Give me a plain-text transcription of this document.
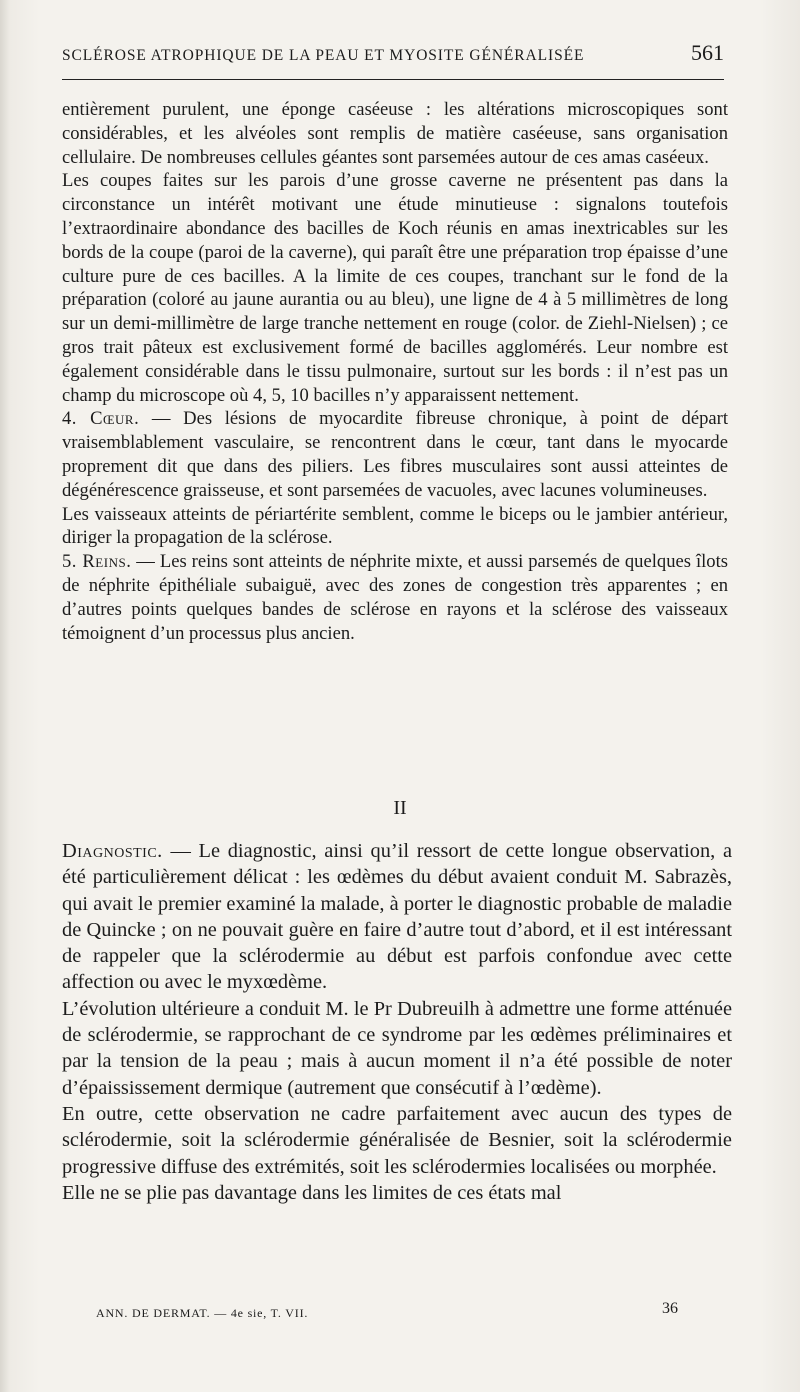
SCLÉROSE ATROPHIQUE DE LA PEAU ET MYOSITE GÉNÉRALISÉE	561

entièrement purulent, une éponge caséeuse : les altérations microscopiques sont considérables, et les alvéoles sont remplis de matière caséeuse, sans organisation cellulaire. De nombreuses cellules géantes sont parsemées autour de ces amas caséeux.

Les coupes faites sur les parois d’une grosse caverne ne présentent pas dans la circonstance un intérêt motivant une étude minutieuse : signalons toutefois l’extraordinaire abondance des bacilles de Koch réunis en amas inextricables sur les bords de la coupe (paroi de la caverne), qui paraît être une préparation trop épaisse d’une culture pure de ces bacilles. A la limite de ces coupes, tranchant sur le fond de la préparation (coloré au jaune aurantia ou au bleu), une ligne de 4 à 5 millimètres de long sur un demi-millimètre de large tranche nettement en rouge (color. de Ziehl-Nielsen) ; ce gros trait pâteux est exclusivement formé de bacilles agglomérés. Leur nombre est également considérable dans le tissu pulmonaire, surtout sur les bords : il n’est pas un champ du microscope où 4, 5, 10 bacilles n’y apparaissent nettement.

4. Cœur. — Des lésions de myocardite fibreuse chronique, à point de départ vraisemblablement vasculaire, se rencontrent dans le cœur, tant dans le myocarde proprement dit que dans des piliers. Les fibres musculaires sont aussi atteintes de dégénérescence graisseuse, et sont parsemées de vacuoles, avec lacunes volumineuses.

Les vaisseaux atteints de périartérite semblent, comme le biceps ou le jambier antérieur, diriger la propagation de la sclérose.

5. Reins. — Les reins sont atteints de néphrite mixte, et aussi parsemés de quelques îlots de néphrite épithéliale subaiguë, avec des zones de congestion très apparentes ; en d’autres points quelques bandes de sclérose en rayons et la sclérose des vaisseaux témoignent d’un processus plus ancien.

II

Diagnostic. — Le diagnostic, ainsi qu’il ressort de cette longue observation, a été particulièrement délicat : les œdèmes du début avaient conduit M. Sabrazès, qui avait le premier examiné la malade, à porter le diagnostic probable de maladie de Quincke ; on ne pouvait guère en faire d’autre tout d’abord, et il est intéressant de rappeler que la sclérodermie au début est parfois confondue avec cette affection ou avec le myxœdème.

L’évolution ultérieure a conduit M. le Pr Dubreuilh à admettre une forme atténuée de sclérodermie, se rapprochant de ce syndrome par les œdèmes préliminaires et par la tension de la peau ; mais à aucun moment il n’a été possible de noter d’épaississement dermique (autrement que consécutif à l’œdème).

En outre, cette observation ne cadre parfaitement avec aucun des types de sclérodermie, soit la sclérodermie généralisée de Besnier, soit la sclérodermie progressive diffuse des extrémités, soit les sclérodermies localisées ou morphée.

Elle ne se plie pas davantage dans les limites de ces états mal

ANN. DE DERMAT. — 4e sie, T. VII.	36
